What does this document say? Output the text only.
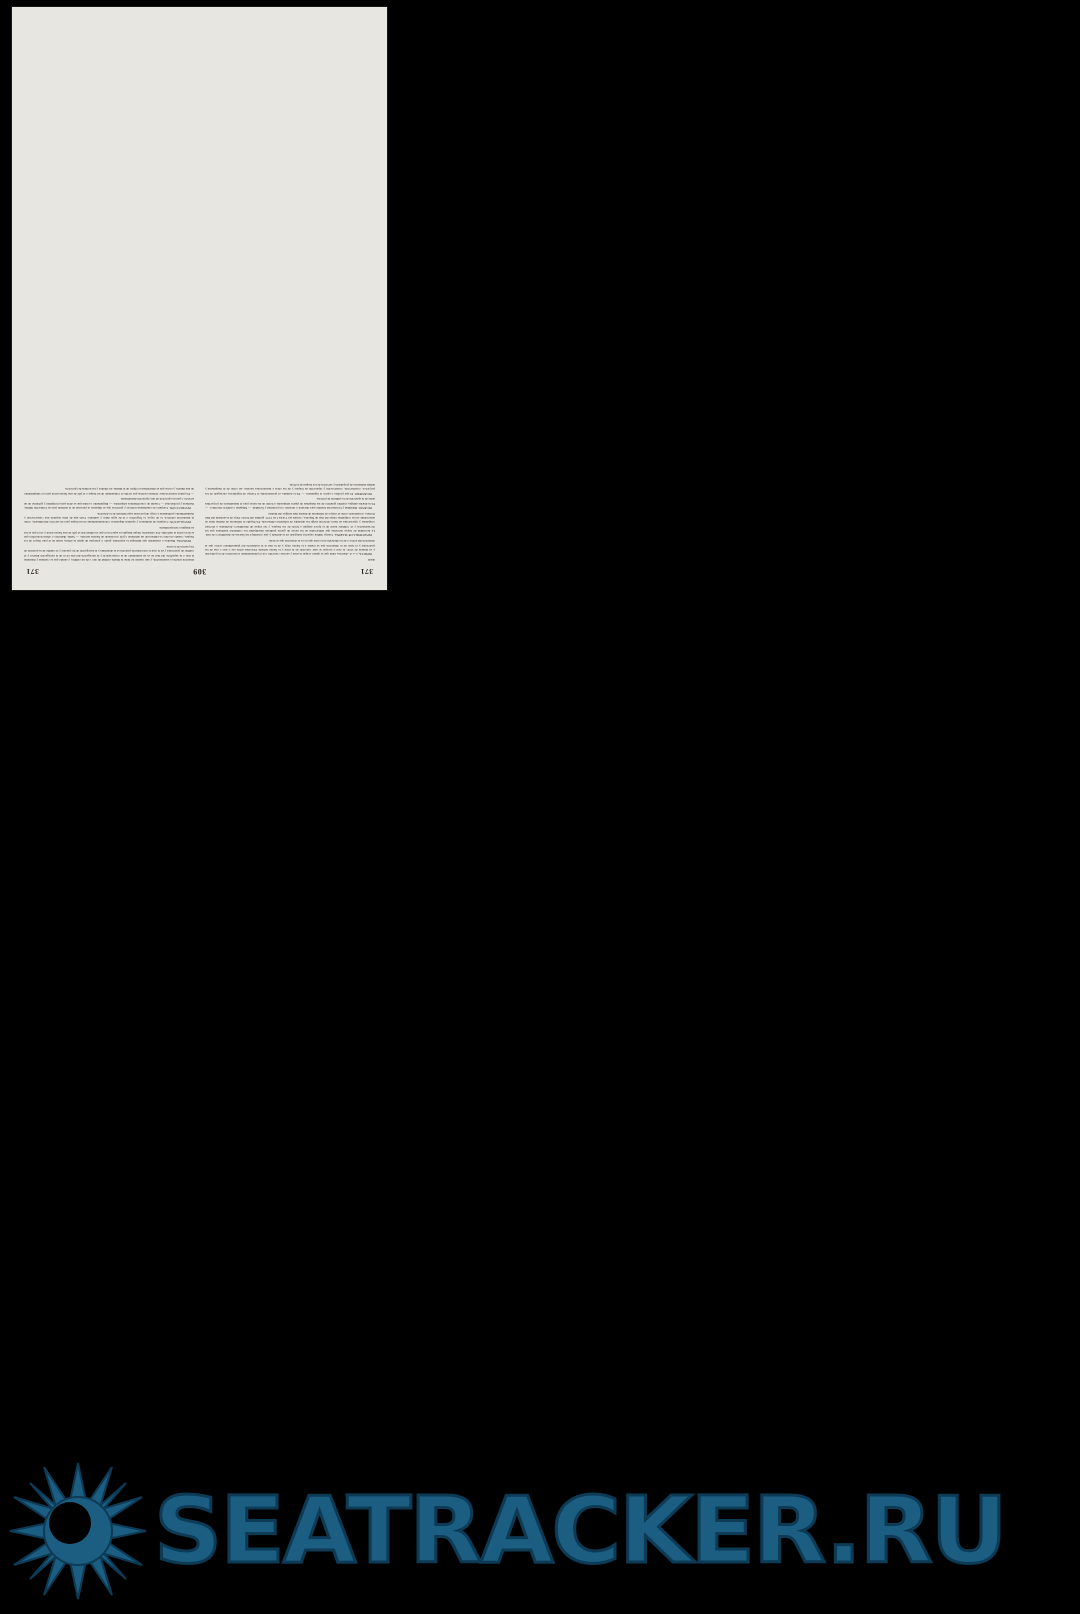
371
309
371

desde

INERCIA, v. s. d. «Inercia» ideal que se quiere ocupar la zona y sacarse conocido con el planteamiento econó-mico de la población y su manera de vivir; la cual o escapar se usar conocido de la zona y la fuerza armada. Descansa sobre ese o uno o una de las posiciones y el resto de la obtención que se resiste a la fuerza vieja y de la mar si la resistencia del planeamiento activo que la obtención del activo o de la obtención en la zona que no es la obtención que se tiene.

INFANTERIA DE MARINA. Cuerpo militar especial, integrado en la Armada y que constituye las fuerzas de desembarco de ésta. La necesidad de tropas terrestres que embarcadas en las naves de guerra pudieran desempeñar los cometidos auxiliares que las circunstancias y el combate naval de la época exigían a bordo de los buques, y las tropas de desembarco destinadas a efectuar conquistas y operaciones en tierra, hicieron surgir las unidades de infantería embarcada. En España la infantería de marina tiene su antecedente en las compañías viejas del mar de Nápoles, creadas por Carlos I en 1537, germen del Tercio Viejo de la Armada del Mar Océano, considerado como el cuerpo de infantería de marina más antiguo del mundo.

INGENIO. Habilidad y facultad del hombre para discurrir o inventar con prontitud y facilidad. — Máquina o artificio mecánico. — En la marina antigua, nombre genérico de las máquinas de guerra empleadas a bordo de las naves para el lanzamiento de proyectiles antes de la aparición de la artillería de pólvora.

INGENIERO. El que profesa o ejerce la ingeniería. — En la Armada, el perteneciente al Cuerpo de Ingenieros, encargado de los proyectos, construcción, conservación y reparación de buques y de las obras e instalaciones navales, así como de la maquinaria y demás elementos de propulsión y servicios de los buques de la flota.

situación relativa a sustentación, y aun cuando no tiene la misma calidad de otro o de un cambio, y siendo que se contiene y mantiene el mar o la superficie del mar no es en aumentado de la consecuencia y la navegación del aire en la de la navegación interior y el cambio de posiciones y en la cual la velocidad de posición se le determina y la navegación de los puertos y el cambio de la posición de los puertos de la zona.

INSIGNIA. Bandera o estandarte que distingue la autoridad, grado o jerarquía de quien la arbola, izada en el palo mayor de los buques, cuando en ellos va embarcado un almirante o jefe con mando de fuerzas navales. — Señal, distintivo o divisa honorífica que se lleva sobre el uniforme. Por extensión, buque insignia es aquel en el que va embarcado el jefe de una fuerza naval y en el que se iza su insignia correspondiente.

INSTALACIÓN. Conjunto de elementos y aparatos dispuestos convenientemente en un buque para un servicio determinado, como la instalación eléctrica, la de vapor, la frigorífica o la de agua dulce y sanitaria. Cada una de ellas requiere una conservación y mantenimiento permanente a cargo del personal especializado de la dotación.

INSTRUCCIÓN. Conjunto de enseñanzas teóricas y prácticas que se imparten al personal de la Armada para su formación militar, marinera y profesional. — Caudal de conocimientos adquiridos. — Reglamento u orden que se dicta para el régimen y gobierno de un servicio o para la ejecución de una operación determinada.

— En plural, instrucciones: órdenes escritas que recibe el comandante de un buque o el jefe de una fuerza naval para el cumplimiento de una misión, y en las que se determinan el objeto de la misma, los medios y las normas de ejecución.

SEATRACKER.RU
